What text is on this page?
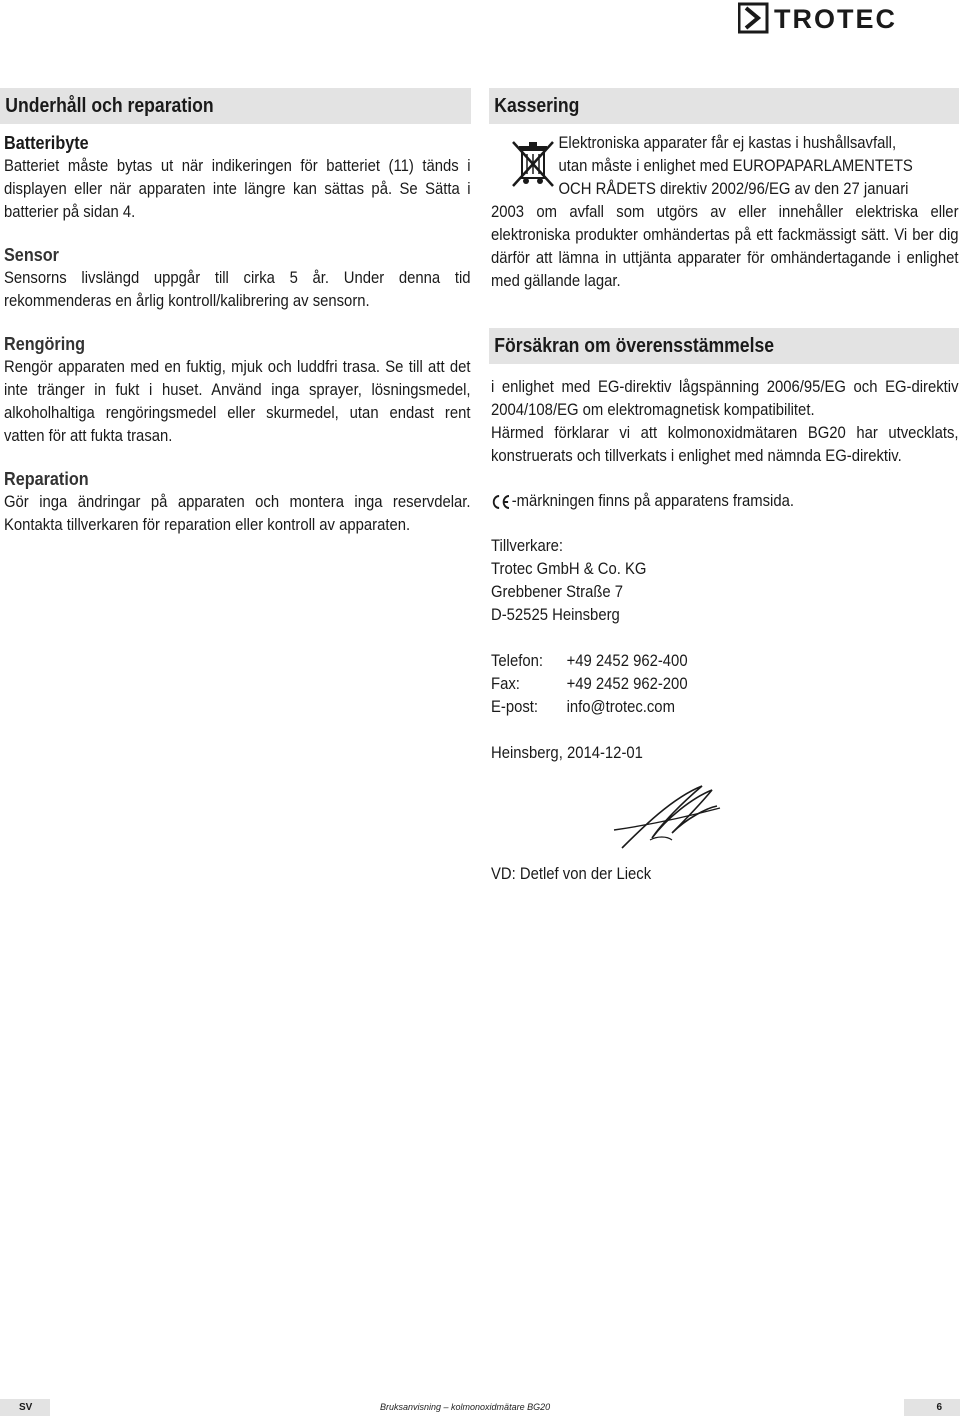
TROTEC
Underhåll och reparation
Batteribyte
Batteriet måste bytas ut när indikeringen för batteriet (11) tänds i displayen eller när apparaten inte längre kan sättas på. Se Sätta i batterier på sidan 4.
Sensor
Sensorns livslängd uppgår till cirka 5 år. Under denna tid rekommenderas en årlig kontroll/kalibrering av sensorn.
Rengöring
Rengör apparaten med en fuktig, mjuk och luddfri trasa. Se till att det inte tränger in fukt i huset. Använd inga sprayer, lösningsmedel, alkoholhaltiga rengöringsmedel eller skurmedel, utan endast rent vatten för att fukta trasan.
Reparation
Gör inga ändringar på apparaten och montera inga reservdelar. Kontakta tillverkaren för reparation eller kontroll av apparaten.
Kassering
Elektroniska apparater får ej kastas i hushållsavfall,
utan måste i enlighet med EUROPAPARLAMENTETS
OCH RÅDETS direktiv 2002/96/EG av den 27 januari
2003 om avfall som utgörs av eller innehåller elektriska eller elektroniska produkter omhändertas på ett fackmässigt sätt. Vi ber dig därför att lämna in uttjänta apparater för omhändertagande i enlighet med gällande lagar.
Försäkran om överensstämmelse
i enlighet med EG-direktiv lågspänning 2006/95/EG och EG-direktiv 2004/108/EG om elektromagnetisk kompatibilitet.
Härmed förklarar vi att kolmonoxidmätaren BG20 har utvecklats, konstruerats och tillverkats i enlighet med nämnda EG-direktiv.
-märkningen finns på apparatens framsida.
Tillverkare:
Trotec GmbH & Co. KG
Grebbener Straße 7
D-52525 Heinsberg
Telefon:	+49 2452 962-400
Fax:	+49 2452 962-200
E-post:	info@trotec.com
Heinsberg, 2014-12-01
VD: Detlef von der Lieck
SV	Bruksanvisning – kolmonoxidmätare BG20	6
